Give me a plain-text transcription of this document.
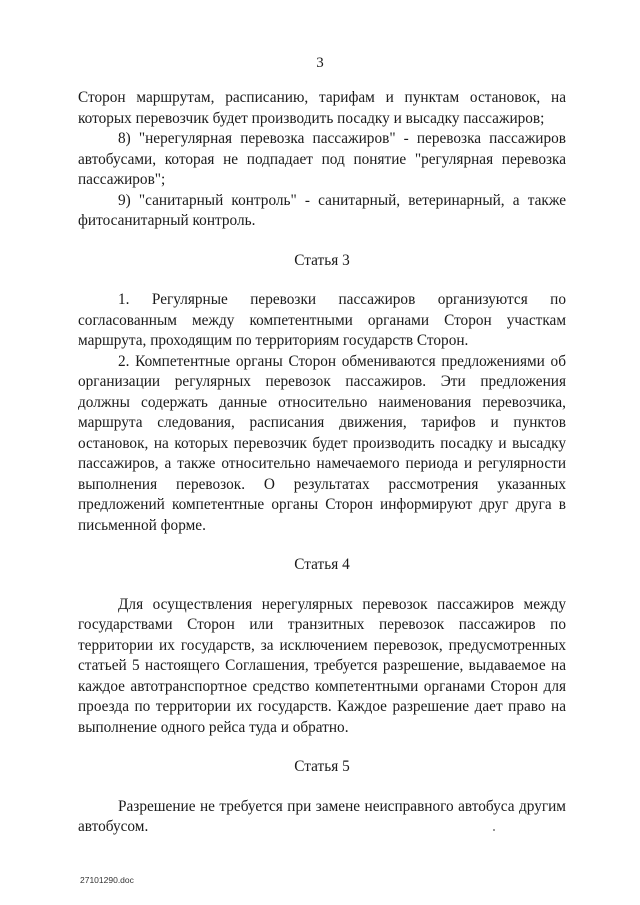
3

Сторон маршрутам, расписанию, тарифам и пунктам остановок, на которых перевозчик будет производить посадку и высадку пассажиров;

8) "нерегулярная перевозка пассажиров" - перевозка пассажиров автобусами, которая не подпадает под понятие "регулярная перевозка пассажиров";

9) "санитарный контроль" - санитарный, ветеринарный, а также фитосанитарный контроль.

Статья 3

1. Регулярные перевозки пассажиров организуются по согласованным между компетентными органами Сторон участкам маршрута, проходящим по территориям государств Сторон.

2. Компетентные органы Сторон обмениваются предложениями об организации регулярных перевозок пассажиров. Эти предложения должны содержать данные относительно наименования перевозчика, маршрута следования, расписания движения, тарифов и пунктов остановок, на которых перевозчик будет производить посадку и высадку пассажиров, а также относительно намечаемого периода и регулярности выполнения перевозок. О результатах рассмотрения указанных предложений компетентные органы Сторон информируют друг друга в письменной форме.

Статья 4

Для осуществления нерегулярных перевозок пассажиров между государствами Сторон или транзитных перевозок пассажиров по территории их государств, за исключением перевозок, предусмотренных статьей 5 настоящего Соглашения, требуется разрешение, выдаваемое на каждое автотранспортное средство компетентными органами Сторон для проезда по территории их государств. Каждое разрешение дает право на выполнение одного рейса туда и обратно.

Статья 5

Разрешение не требуется при замене неисправного автобуса другим автобусом.

27101290.doc
